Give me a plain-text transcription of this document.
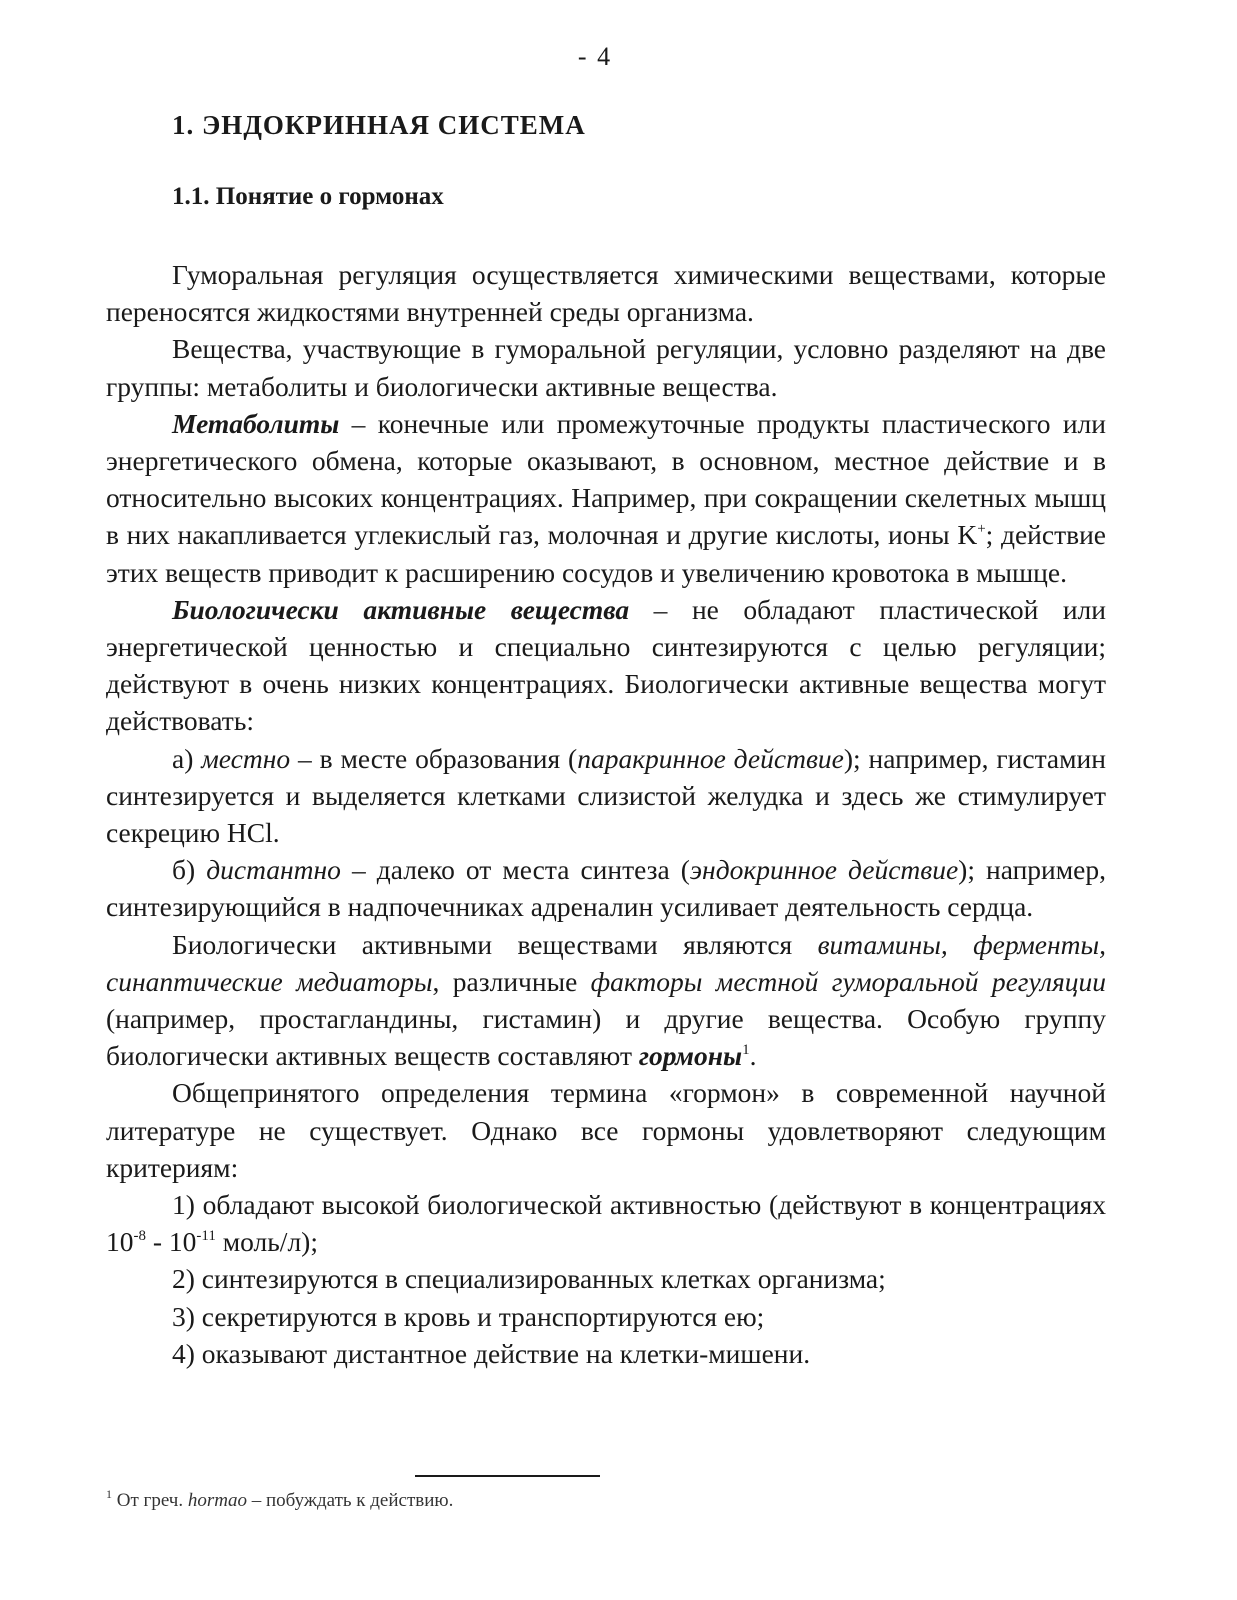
- 4
1. ЭНДОКРИННАЯ СИСТЕМА
1.1. Понятие о гормонах

Гуморальная регуляция осуществляется химическими веществами, которые переносятся жидкостями внутренней среды организма.

Вещества, участвующие в гуморальной регуляции, условно разделяют на две группы: метаболиты и биологически активные вещества.

Метаболиты – конечные или промежуточные продукты пластического или энергетического обмена, которые оказывают, в основном, местное действие и в относительно высоких концентрациях. Например, при сокращении скелетных мышц в них накапливается углекислый газ, молочная и другие кислоты, ионы K+; действие этих веществ приводит к расширению сосудов и увеличению кровотока в мышце.

Биологически активные вещества – не обладают пластической или энергетической ценностью и специально синтезируются с целью регуляции; действуют в очень низких концентрациях. Биологически активные вещества могут действовать:

а) местно – в месте образования (паракринное действие); например, гистамин синтезируется и выделяется клетками слизистой желудка и здесь же стимулирует секрецию HCl.

б) дистантно – далеко от места синтеза (эндокринное действие); например, синтезирующийся в надпочечниках адреналин усиливает деятельность сердца.

Биологически активными веществами являются витамины, ферменты, синаптические медиаторы, различные факторы местной гуморальной регуляции (например, простагландины, гистамин) и другие вещества. Особую группу биологически активных веществ составляют гормоны$^1$.

Общепринятого определения термина «гормон» в современной научной литературе не существует. Однако все гормоны удовлетворяют следующим критериям:

1) обладают высокой биологической активностью (действуют в концентрациях $10^{-8} - 10^{-11}$ моль/л);

2) синтезируются в специализированных клетках организма;

3) секретируются в кровь и транспортируются ею;

4) оказывают дистантное действие на клетки-мишени.

$^1$ От греч. hormao – побуждать к действию.
